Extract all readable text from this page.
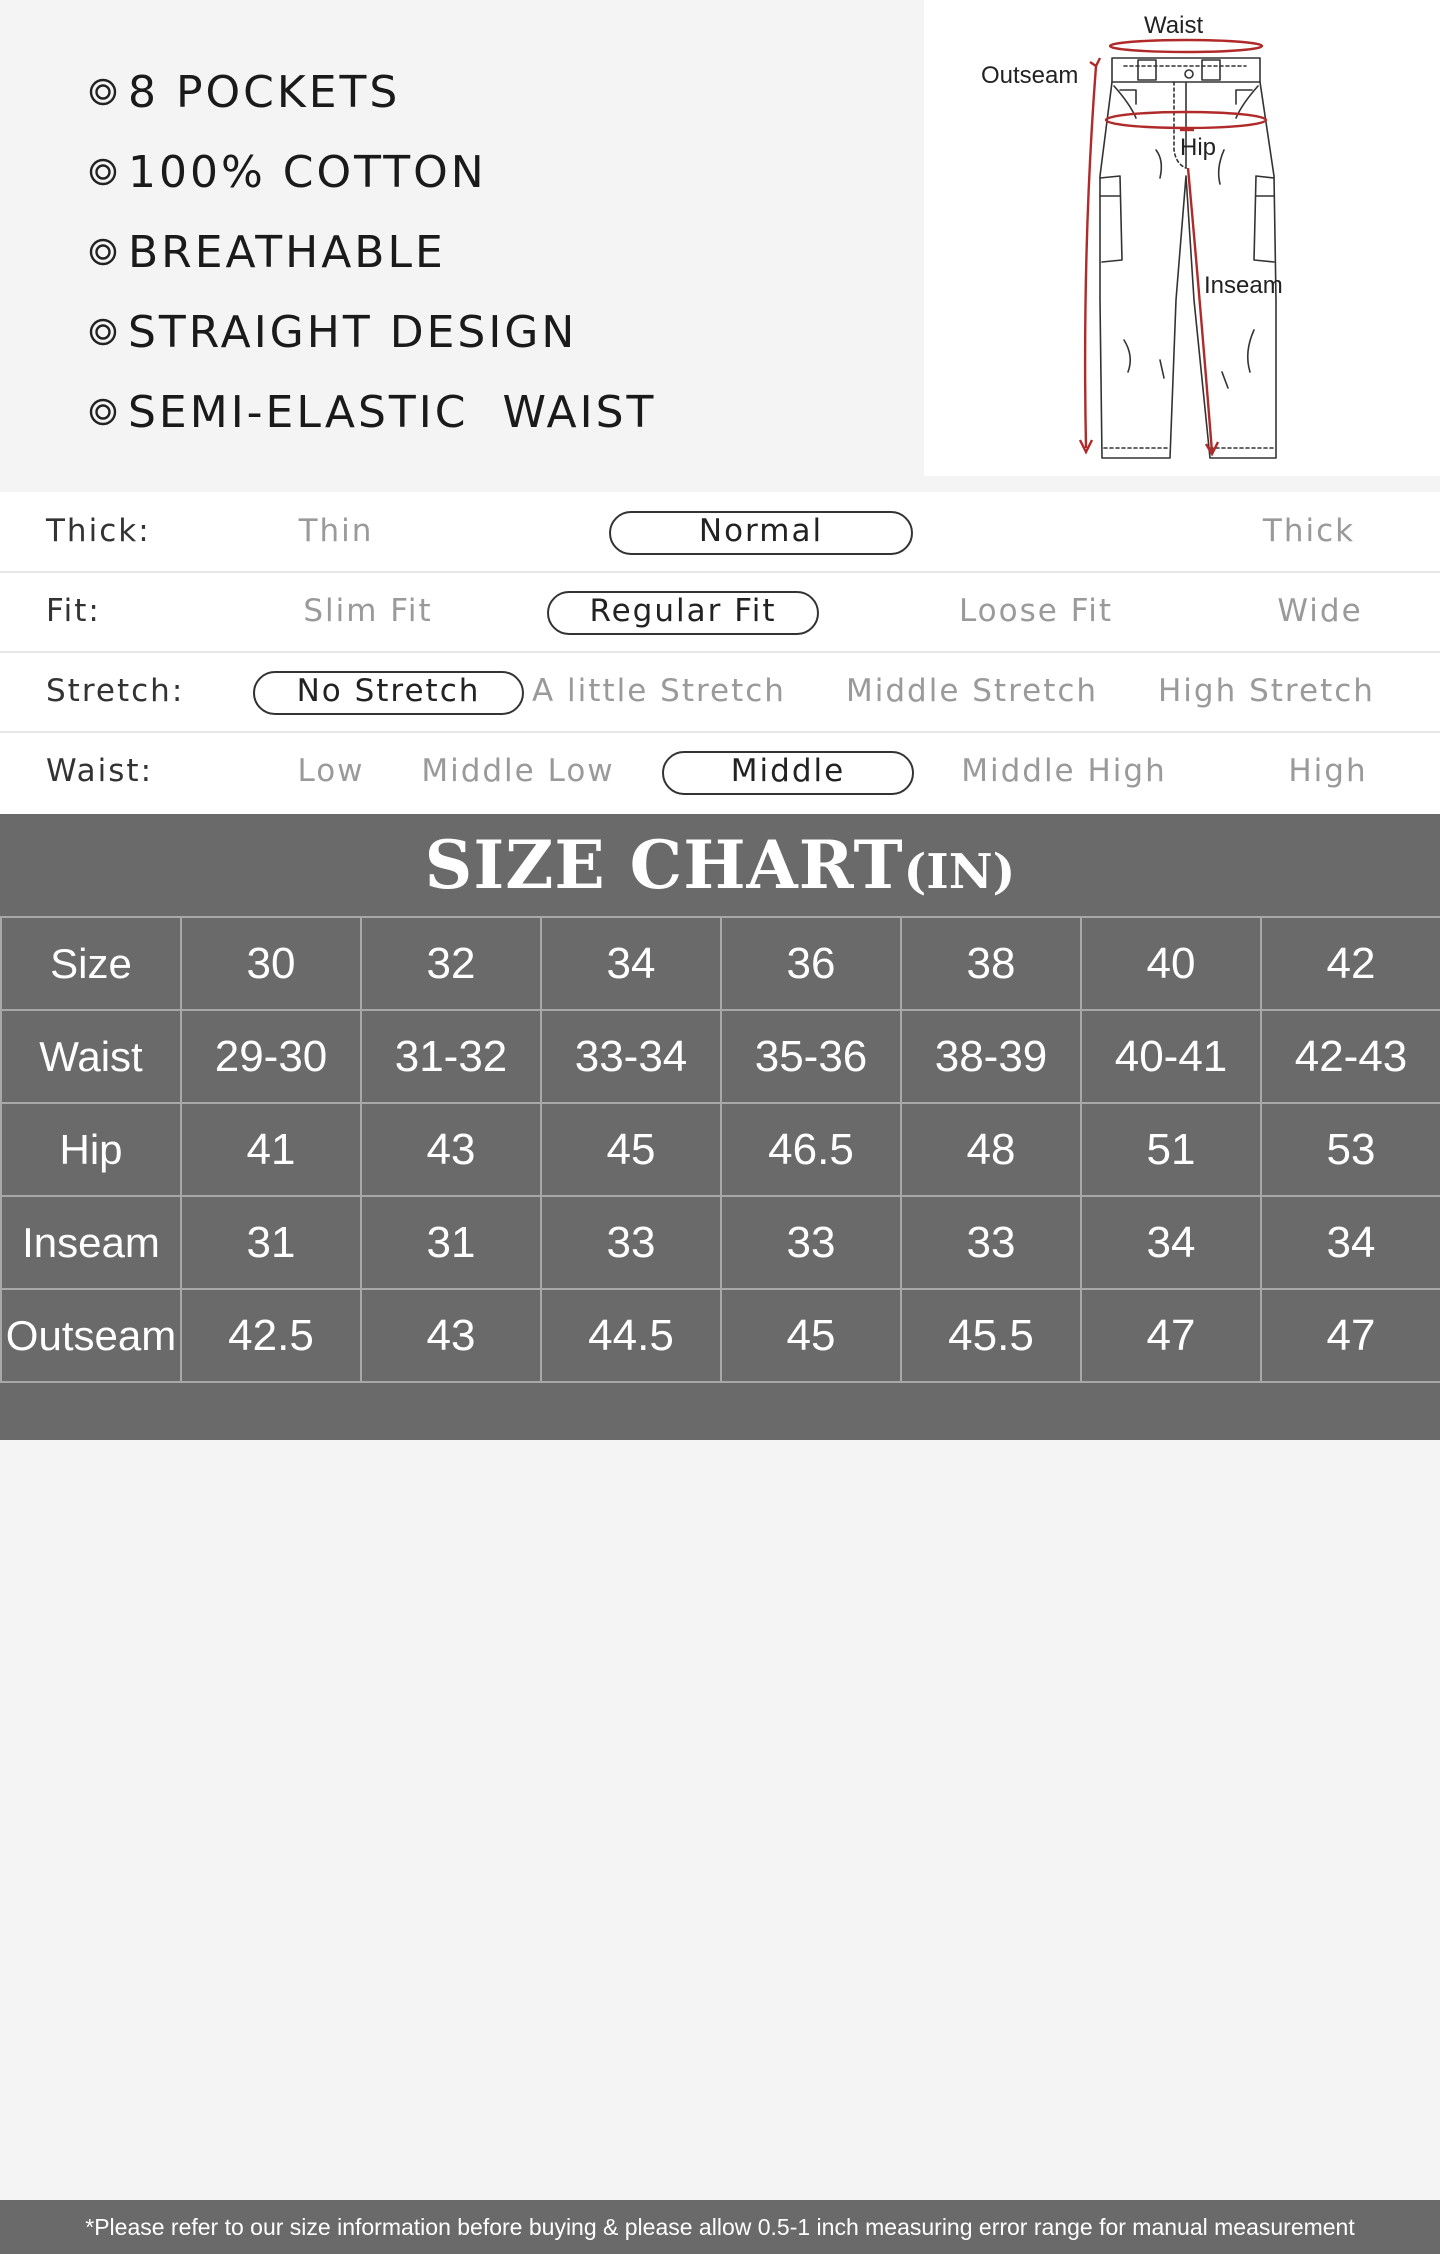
8 POCKETS
100% COTTON
BREATHABLE
STRAIGHT DESIGN
SEMI-ELASTIC  WAIST
Waist
Outseam
Hip
Inseam
Thick:	Thin	Normal	Thick
Fit:	Slim Fit	Regular Fit	Loose Fit	Wide
Stretch:	No Stretch	A little Stretch Middle Stretch High Stretch
Waist:	Low Middle Low	Middle	Middle High	High
SIZE CHART(IN)
Size	30	32	34	36	38	40	42
Waist	29-30	31-32	33-34	35-36	38-39	40-41	42-43
Hip	41	43	45	46.5	48	51	53
Inseam	31	31	33	33	33	34	34
Outseam	42.5	43	44.5	45	45.5	47	47
*Please refer to our size information before buying & please allow 0.5-1 inch measuring error range for manual measurement
